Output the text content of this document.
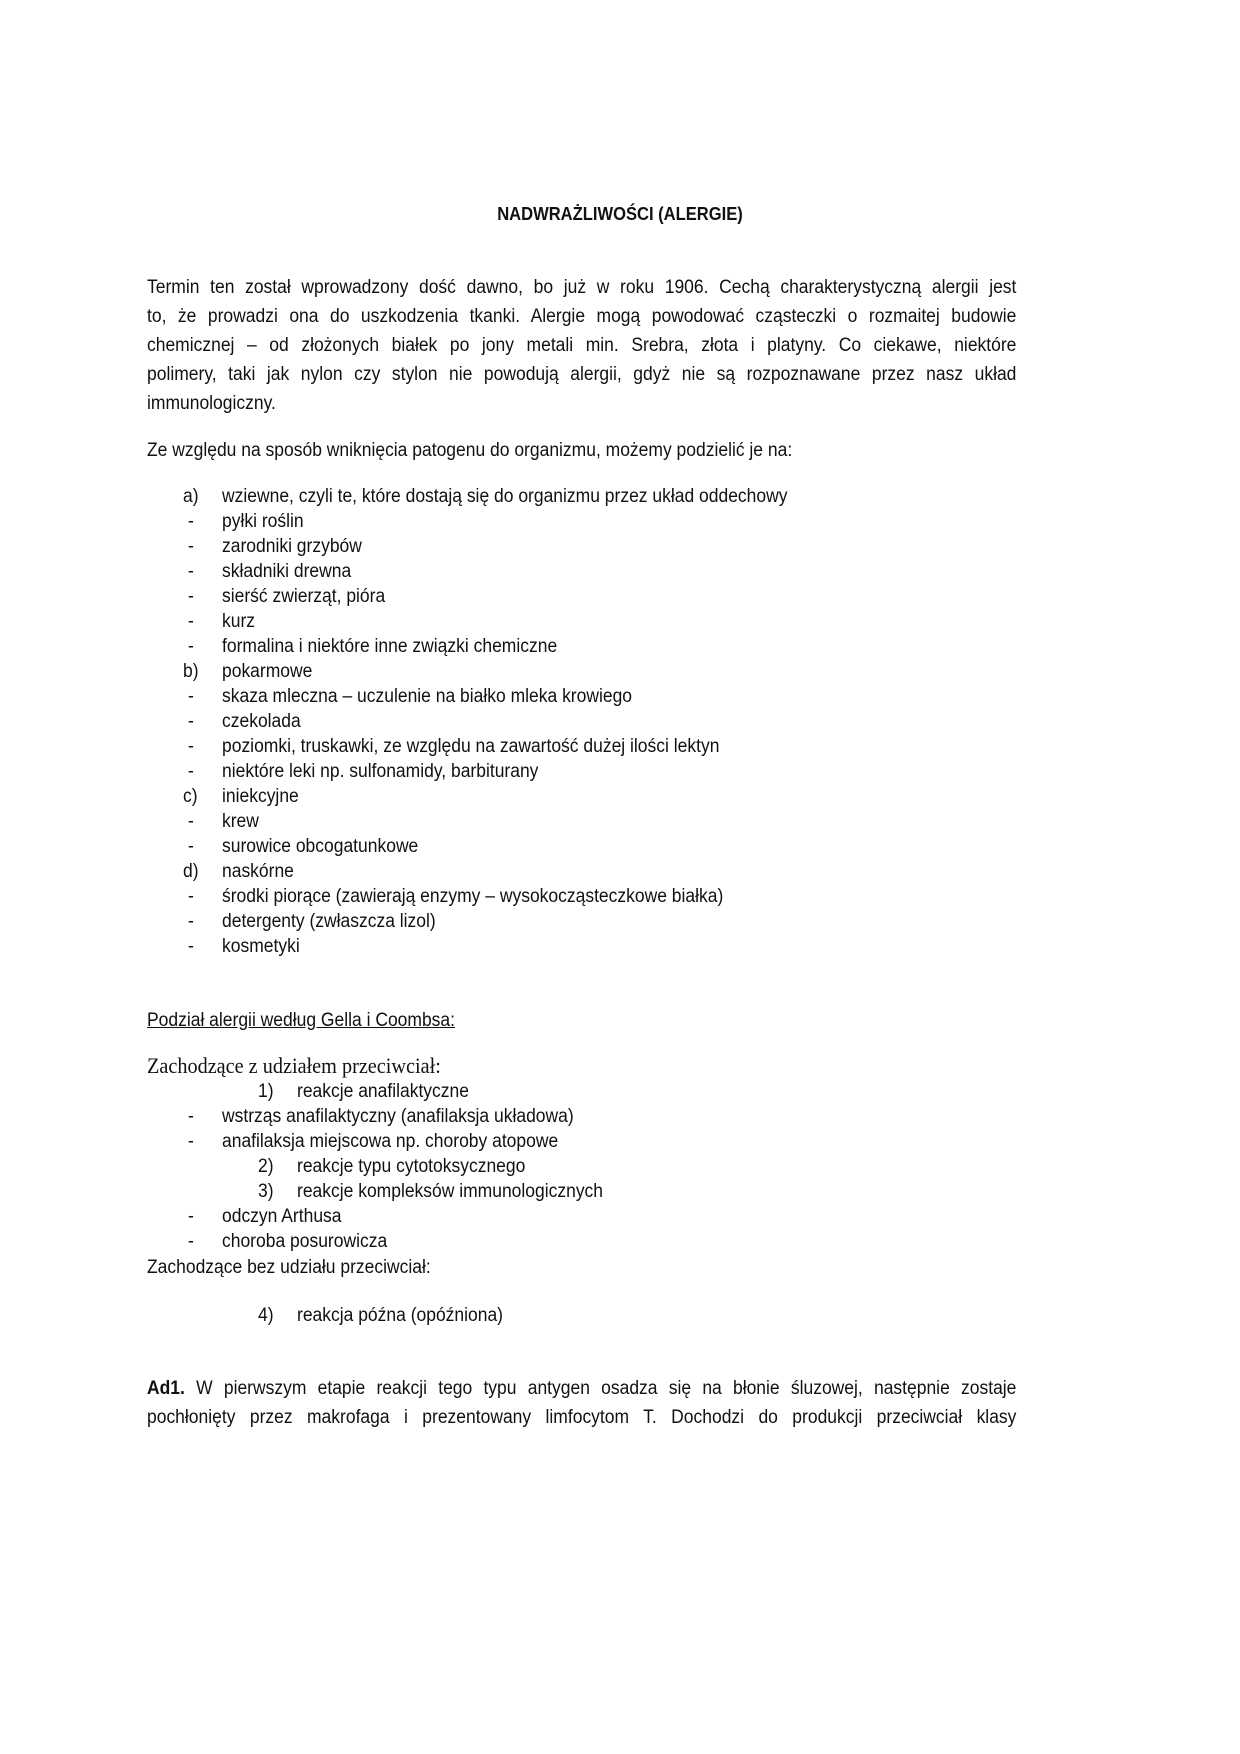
NADWRAŻLIWOŚCI (ALERGIE)
Termin ten został wprowadzony dość dawno, bo już w roku 1906. Cechą charakterystyczną alergii jest
to, że prowadzi ona do uszkodzenia tkanki. Alergie mogą powodować cząsteczki o rozmaitej budowie
chemicznej – od złożonych białek po jony metali min. Srebra, złota i platyny. Co ciekawe, niektóre
polimery, taki jak nylon czy stylon nie powodują alergii, gdyż nie są rozpoznawane przez nasz układ
immunologiczny.
Ze względu na sposób wniknięcia patogenu do organizmu, możemy podzielić je na:
a) wziewne, czyli te, które dostają się do organizmu przez układ oddechowy
- pyłki roślin
- zarodniki grzybów
- składniki drewna
- sierść zwierząt, pióra
- kurz
- formalina i niektóre inne związki chemiczne
b) pokarmowe
- skaza mleczna – uczulenie na białko mleka krowiego
- czekolada
- poziomki, truskawki, ze względu na zawartość dużej ilości lektyn
- niektóre leki np. sulfonamidy, barbiturany
c) iniekcyjne
- krew
- surowice obcogatunkowe
d) naskórne
- środki piorące (zawierają enzymy – wysokocząsteczkowe białka)
- detergenty (zwłaszcza lizol)
- kosmetyki
Podział alergii według Gella i Coombsa:
Zachodzące z udziałem przeciwciał:
1) reakcje anafilaktyczne
- wstrząs anafilaktyczny (anafilaksja układowa)
- anafilaksja miejscowa np. choroby atopowe
2) reakcje typu cytotoksycznego
3) reakcje kompleksów immunologicznych
- odczyn Arthusa
- choroba posurowicza
Zachodzące bez udziału przeciwciał:
4) reakcja późna (opóźniona)
Ad1. W pierwszym etapie reakcji tego typu antygen osadza się na błonie śluzowej, następnie zostaje
pochłonięty przez makrofaga i prezentowany limfocytom T. Dochodzi do produkcji przeciwciał klasy
